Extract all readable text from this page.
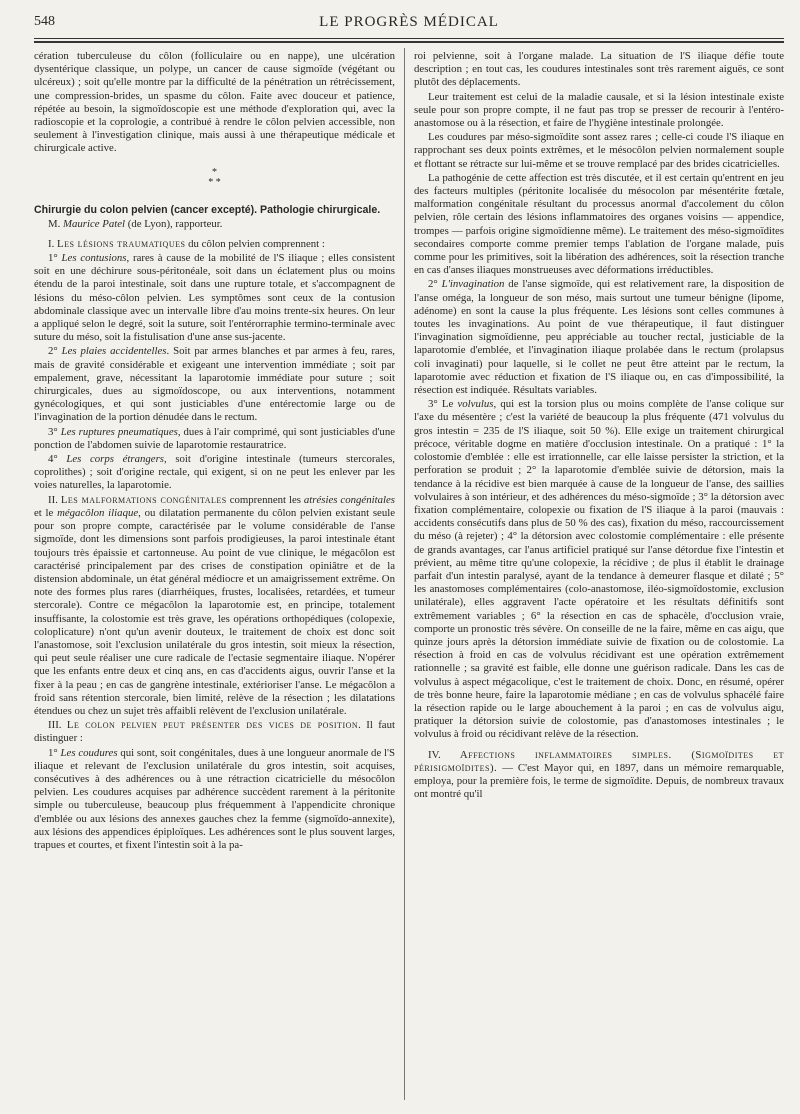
548	LE PROGRÈS MÉDICAL

cération tuberculeuse du côlon (folliculaire ou en nappe), une ulcération dysentérique classique, un polype, un cancer de cause sigmoïde (végétant ou ulcéreux) ; soit qu'elle montre par la difficulté de la pénétration un rétrécissement, une compression-brides, un spasme du côlon. Faite avec douceur et patience, répétée au besoin, la sigmoïdoscopie est une méthode d'exploration qui, avec la radioscopie et la coprologie, a contribué à rendre le côlon pelvien accessible, non seulement à l'investigation clinique, mais aussi à une thérapeutique médicale et chirurgicale active.

*
* *

Chirurgie du colon pelvien (cancer excepté). Pathologie chirurgicale.

M. Maurice Patel (de Lyon), rapporteur.

I. Les lésions traumatiques du côlon pelvien comprennent :

1° Les contusions, rares à cause de la mobilité de l'S iliaque ; elles consistent soit en une déchirure sous-péritonéale, soit dans un éclatement plus ou moins étendu de la paroi intestinale, soit dans une rupture totale, et s'accompagnent de lésions du méso-côlon pelvien. Les symptômes sont ceux de la contusion abdominale classique avec un intervalle libre d'au moins trente-six heures. On leur a appliqué selon le degré, soit la suture, soit l'entérorraphie termino-terminale avec suture du méso, soit la fistulisation d'une anse sus-jacente.

2° Les plaies accidentelles. Soit par armes blanches et par armes à feu, rares, mais de gravité considérable et exigeant une intervention immédiate ; soit par empalement, grave, nécessitant la laparotomie immédiate pour suture ; soit chirurgicales, dues au sigmoïdoscope, ou aux interventions, notamment gynécologiques, et qui sont justiciables d'une entérectomie large ou de l'invagination de la portion dénudée dans le rectum.

3° Les ruptures pneumatiques, dues à l'air comprimé, qui sont justiciables d'une ponction de l'abdomen suivie de laparotomie restauratrice.

4° Les corps étrangers, soit d'origine intestinale (tumeurs stercorales, coprolithes) ; soit d'origine rectale, qui exigent, si on ne peut les enlever par les voies naturelles, la laparotomie.

II. Les malformations congénitales comprennent les atrésies congénitales et le mégacôlon iliaque, ou dilatation permanente du côlon pelvien existant seule pour son propre compte, caractérisée par le volume considérable de l'anse sigmoïde, dont les dimensions sont parfois prodigieuses, la paroi intestinale étant toujours très épaissie et cartonneuse. Au point de vue clinique, le mégacôlon est caractérisé principalement par des crises de constipation opiniâtre et de la distension abdominale, un état général médiocre et un amaigrissement extrême. On note des formes plus rares (diarrhéiques, frustes, localisées, retardées, et tumeur stercorale). Contre ce mégacôlon la laparotomie est, en principe, totalement insuffisante, la colostomie est très grave, les opérations orthopédiques (colopexie, coloplicature) n'ont qu'un avenir douteux, le traitement de choix est donc soit l'anastomose, soit l'exclusion unilatérale du gros intestin, soit mieux la résection, qui peut seule réaliser une cure radicale de l'ectasie segmentaire iliaque. N'opérer que les enfants entre deux et cinq ans, en cas d'accidents aigus, ouvrir l'anse et la fixer à la peau ; en cas de gangrène intestinale, extérioriser l'anse. Le mégacôlon a froid sans rétention stercorale, bien limité, relève de la résection ; les dilatations étendues ou chez un sujet très affaibli relèvent de l'exclusion unilatérale.

III. Le colon pelvien peut présenter des vices de position. Il faut distinguer :

1° Les coudures qui sont, soit congénitales, dues à une longueur anormale de l'S iliaque et relevant de l'exclusion unilatérale du gros intestin, soit acquises, consécutives à des adhérences ou à une rétraction cicatricielle du mésocôlon pelvien. Les coudures acquises par adhérence succèdent rarement à la péritonite simple ou tuberculeuse, beaucoup plus fréquemment à l'appendicite chronique d'emblée ou aux lésions des annexes gauches chez la femme (sigmoïdo-annexite), aux lésions des appendices épiploïques. Les adhérences sont le plus souvent larges, trapues et courtes, et fixent l'intestin soit à la pa-

roi pelvienne, soit à l'organe malade. La situation de l'S iliaque défie toute description ; en tout cas, les coudures intestinales sont très rarement aiguës, ce sont plutôt des déplacements.

Leur traitement est celui de la maladie causale, et si la lésion intestinale existe seule pour son propre compte, il ne faut pas trop se presser de recourir à l'entéro-anastomose ou à la résection, et faire de l'hygiène intestinale prolongée.

Les coudures par méso-sigmoïdite sont assez rares ; celle-ci coude l'S iliaque en rapprochant ses deux points extrêmes, et le mésocôlon pelvien normalement souple et flottant se rétracte sur lui-même et se trouve remplacé par des brides cicatricielles.

La pathogénie de cette affection est très discutée, et il est certain qu'entrent en jeu des facteurs multiples (péritonite localisée du mésocolon par mésentérite fœtale, malformation congénitale résultant du processus anormal d'accolement du côlon pelvien, rôle certain des lésions inflammatoires des organes voisins — appendice, trompes — parfois origine sigmoïdienne même). Le traitement des méso-sigmoïdites secondaires comporte comme premier temps l'ablation de l'organe malade, puis comme pour les primitives, soit la libération des adhérences, soit la résection tranche en cas d'anses iliaques monstrueuses avec déformations irréductibles.

2° L'invagination de l'anse sigmoïde, qui est relativement rare, la disposition de l'anse oméga, la longueur de son méso, mais surtout une tumeur bénigne (lipome, adénome) en sont la cause la plus fréquente. Les lésions sont celles communes à toutes les invaginations. Au point de vue thérapeutique, il faut distinguer l'invagination sigmoïdienne, peu appréciable au toucher rectal, justiciable de la laparotomie d'emblée, et l'invagination iliaque prolabée dans le rectum (prolapsus coli invaginati) pour laquelle, si le collet ne peut être atteint par le rectum, la laparotomie avec réduction et fixation de l'S iliaque ou, en cas d'impossibilité, la résection est indiquée. Résultats variables.

3° Le volvulus, qui est la torsion plus ou moins complète de l'anse colique sur l'axe du mésentère ; c'est la variété de beaucoup la plus fréquente (471 volvulus du gros intestin = 235 de l'S iliaque, soit 50 %). Elle exige un traitement chirurgical précoce, véritable dogme en matière d'occlusion intestinale. On a pratiqué : 1° la colostomie d'emblée : elle est irrationnelle, car elle laisse persister la striction, et la perforation se produit ; 2° la laparotomie d'emblée suivie de détorsion, mais la tendance à la récidive est bien marquée à cause de la longueur de l'anse, des saillies volvulaires à son intérieur, et des adhérences du méso-sigmoïde ; 3° la détorsion avec fixation complémentaire, colopexie ou fixation de l'S iliaque à la paroi (mauvais : accidents consécutifs dans plus de 50 % des cas), fixation du méso, raccourcissement du méso (à rejeter) ; 4° la détorsion avec colostomie complémentaire : elle présente de grands avantages, car l'anus artificiel pratiqué sur l'anse détordue fixe l'intestin et prévient, au même titre qu'une colopexie, la récidive ; de plus il établit le drainage parfait d'un intestin paralysé, ayant de la tendance à demeurer flasque et dilaté ; 5° les anastomoses complémentaires (colo-anastomose, iléo-sigmoïdostomie, exclusion unilatérale), elles aggravent l'acte opératoire et les résultats définitifs sont extrêmement variables ; 6° la résection en cas de sphacèle, d'occlusion vraie, comporte un pronostic très sévère. On conseille de ne la faire, même en cas aigu, que quinze jours après la détorsion immédiate suivie de fixation ou de colostomie. La résection à froid en cas de volvulus récidivant est une opération extrêmement rationnelle ; sa gravité est faible, elle donne une guérison radicale. Dans les cas de volvulus à aspect mégacolique, c'est le traitement de choix. Donc, en résumé, opérer de très bonne heure, faire la laparotomie médiane ; en cas de volvulus sphacélé faire la résection rapide ou le large abouchement à la paroi ; en cas de volvulus aigu, pratiquer la détorsion suivie de colostomie, pas d'anastomoses intestinales ; le volvulus à froid ou récidivant relève de la résection.

IV. Affections inflammatoires simples. (Sigmoïdites et périsigmoïdites). — C'est Mayor qui, en 1897, dans un mémoire remarquable, employa, pour la première fois, le terme de sigmoïdite. Depuis, de nombreux travaux ont montré qu'il
